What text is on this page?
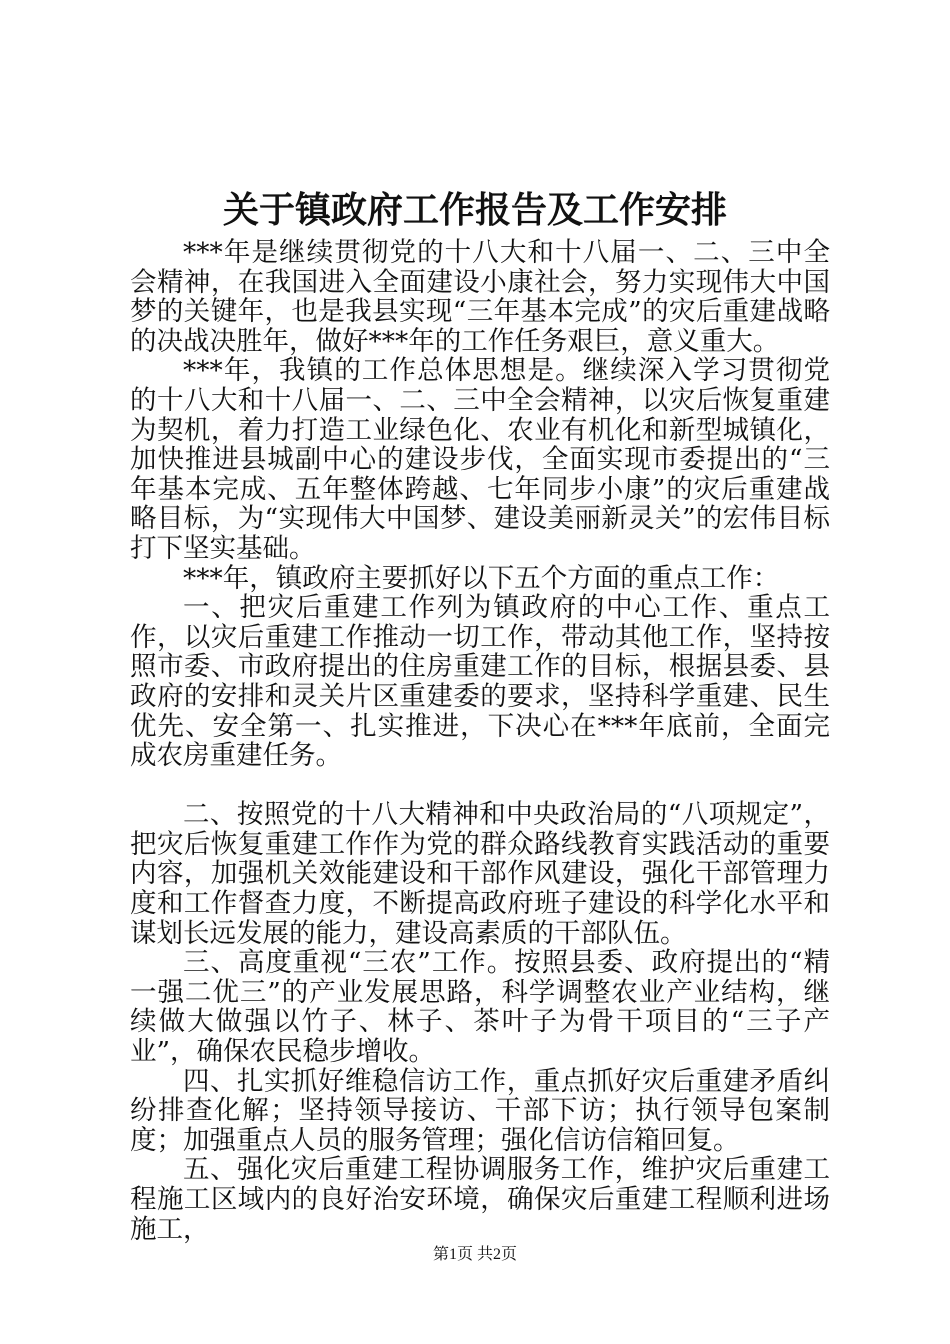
关于镇政府工作报告及工作安排

***年是继续贯彻党的十八大和十八届一、二、三中全会精神，在我国进入全面建设小康社会，努力实现伟大中国梦的关键年，也是我县实现“三年基本完成”的灾后重建战略的决战决胜年，做好***年的工作任务艰巨，意义重大。

***年，我镇的工作总体思想是。继续深入学习贯彻党的十八大和十八届一、二、三中全会精神，以灾后恢复重建为契机，着力打造工业绿色化、农业有机化和新型城镇化，加快推进县城副中心的建设步伐，全面实现市委提出的“三年基本完成、五年整体跨越、七年同步小康”的灾后重建战略目标，为“实现伟大中国梦、建设美丽新灵关”的宏伟目标打下坚实基础。

***年，镇政府主要抓好以下五个方面的重点工作：

一、把灾后重建工作列为镇政府的中心工作、重点工作，以灾后重建工作推动一切工作，带动其他工作，坚持按照市委、市政府提出的住房重建工作的目标，根据县委、县政府的安排和灵关片区重建委的要求，坚持科学重建、民生优先、安全第一、扎实推进，下决心在***年底前，全面完成农房重建任务。

二、按照党的十八大精神和中央政治局的“八项规定”，把灾后恢复重建工作作为党的群众路线教育实践活动的重要内容，加强机关效能建设和干部作风建设，强化干部管理力度和工作督查力度，不断提高政府班子建设的科学化水平和谋划长远发展的能力，建设高素质的干部队伍。

三、高度重视“三农”工作。按照县委、政府提出的“精一强二优三”的产业发展思路，科学调整农业产业结构，继续做大做强以竹子、林子、茶叶子为骨干项目的“三子产业”，确保农民稳步增收。

四、扎实抓好维稳信访工作，重点抓好灾后重建矛盾纠纷排查化解；坚持领导接访、干部下访；执行领导包案制度；加强重点人员的服务管理；强化信访信箱回复。

五、强化灾后重建工程协调服务工作，维护灾后重建工程施工区域内的良好治安环境，确保灾后重建工程顺利进场施工，

第1页 共2页
